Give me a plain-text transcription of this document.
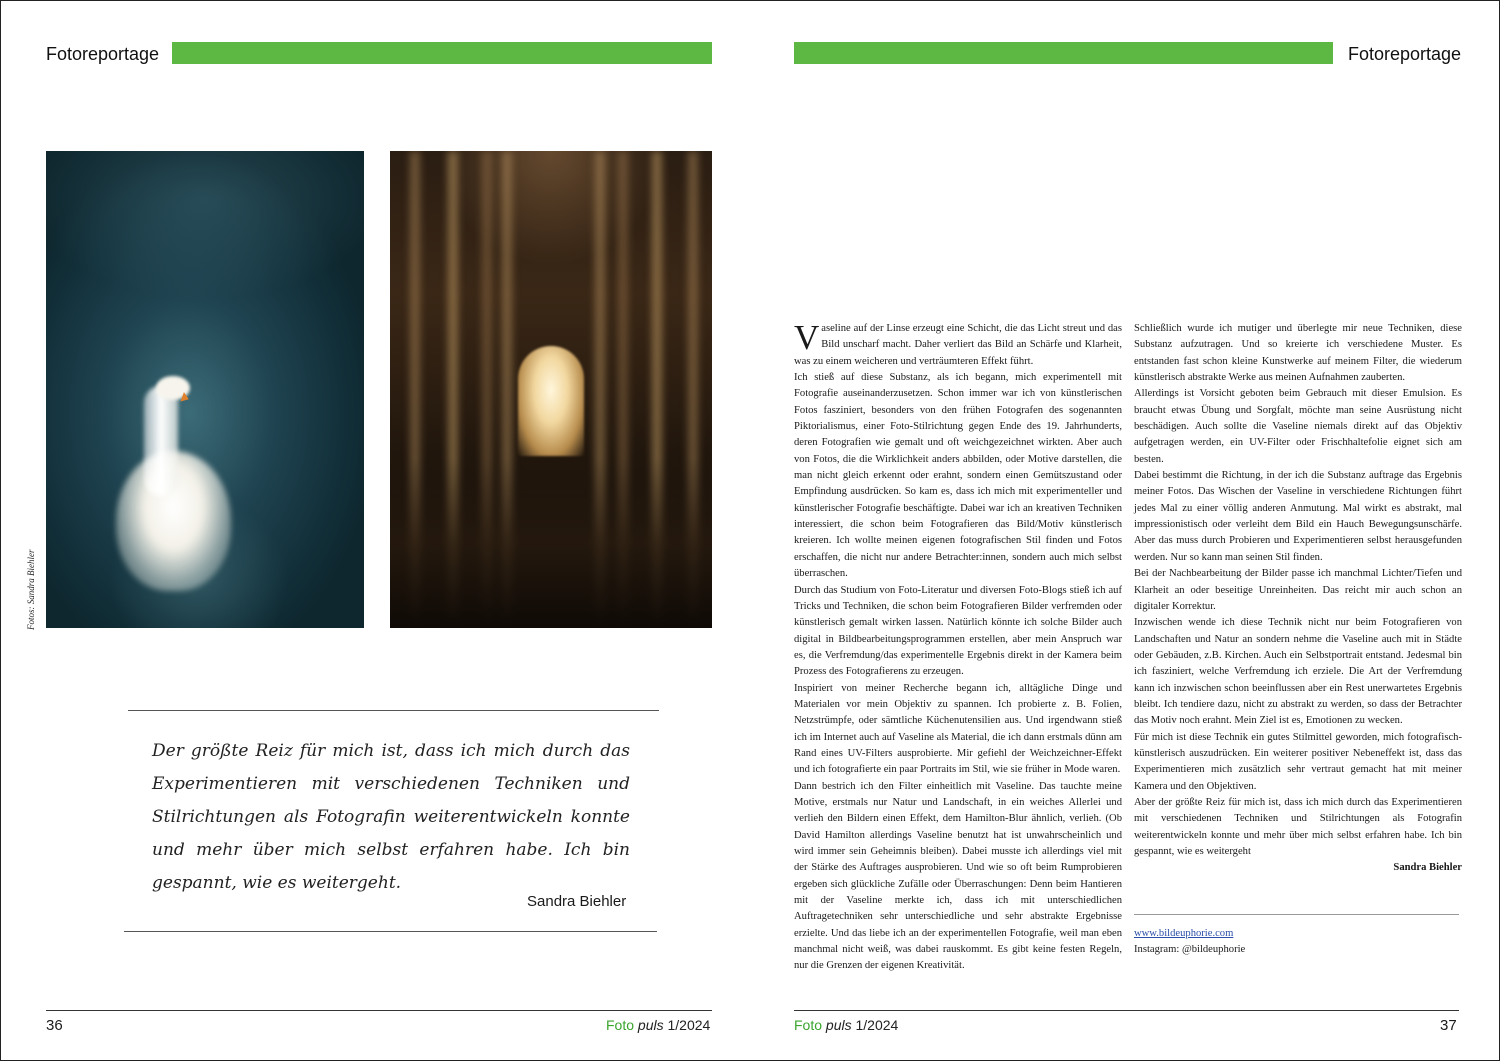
Fotoreportage
Fotos: Sandra Biehler
Der größte Reiz für mich ist, dass ich mich durch das Experimentieren mit verschiedenen Techniken und Stilrichtungen als Fotografin weiterentwickeln konnte und mehr über mich selbst erfahren habe. Ich bin gespannt, wie es weitergeht.
Sandra Biehler
36	Foto puls 1/2024
Fotoreportage

Vaseline auf der Linse erzeugt eine Schicht, die das Licht streut und das Bild unscharf macht. Daher verliert das Bild an Schärfe und Klarheit, was zu einem weicheren und verträumteren Effekt führt.

Ich stieß auf diese Substanz, als ich begann, mich experimentell mit Fotografie auseinanderzusetzen. Schon immer war ich von künstlerischen Fotos fasziniert, besonders von den frühen Fotografen des sogenannten Piktorialismus, einer Foto-Stilrichtung gegen Ende des 19. Jahrhunderts, deren Fotografien wie gemalt und oft weichgezeichnet wirkten. Aber auch von Fotos, die die Wirklichkeit anders abbilden, oder Motive darstellen, die man nicht gleich erkennt oder erahnt, sondern einen Gemütszustand oder Empfindung ausdrücken. So kam es, dass ich mich mit experimenteller und künstlerischer Fotografie beschäftigte. Dabei war ich an kreativen Techniken interessiert, die schon beim Fotografieren das Bild/Motiv künstlerisch kreieren. Ich wollte meinen eigenen fotografischen Stil finden und Fotos erschaffen, die nicht nur andere Betrachter:innen, sondern auch mich selbst überraschen.

Durch das Studium von Foto-Literatur und diversen Foto-Blogs stieß ich auf Tricks und Techniken, die schon beim Fotografieren Bilder verfremden oder künstlerisch gemalt wirken lassen. Natürlich könnte ich solche Bilder auch digital in Bildbearbeitungsprogrammen erstellen, aber mein Anspruch war es, die Verfremdung/das experimentelle Ergebnis direkt in der Kamera beim Prozess des Fotografierens zu erzeugen.

Inspiriert von meiner Recherche begann ich, alltägliche Dinge und Materialen vor mein Objektiv zu spannen. Ich probierte z. B. Folien, Netzstrümpfe, oder sämtliche Küchenutensilien aus. Und irgendwann stieß ich im Internet auch auf Vaseline als Material, die ich dann erstmals dünn am Rand eines UV-Filters ausprobierte. Mir gefiehl der Weichzeichner-Effekt und ich fotografierte ein paar Portraits im Stil, wie sie früher in Mode waren.

Dann bestrich ich den Filter einheitlich mit Vaseline. Das tauchte meine Motive, erstmals nur Natur und Landschaft, in ein weiches Allerlei und verlieh den Bildern einen Effekt, dem Hamilton-Blur ähnlich, verlieh. (Ob David Hamilton allerdings Vaseline benutzt hat ist unwahrscheinlich und wird immer sein Geheimnis bleiben). Dabei musste ich allerdings viel mit der Stärke des Auftrages ausprobieren. Und wie so oft beim Rumprobieren ergeben sich glückliche Zufälle oder Überraschungen: Denn beim Hantieren mit der Vaseline merkte ich, dass ich mit unterschiedlichen Auftragetechniken sehr unterschiedliche und sehr abstrakte Ergebnisse erzielte. Und das liebe ich an der experimentellen Fotografie, weil man eben manchmal nicht weiß, was dabei rauskommt. Es gibt keine festen Regeln, nur die Grenzen der eigenen Kreativität.

Schließlich wurde ich mutiger und überlegte mir neue Techniken, diese Substanz aufzutragen. Und so kreierte ich verschiedene Muster. Es entstanden fast schon kleine Kunstwerke auf meinem Filter, die wiederum künstlerisch abstrakte Werke aus meinen Aufnahmen zauberten.

Allerdings ist Vorsicht geboten beim Gebrauch mit dieser Emulsion. Es braucht etwas Übung und Sorgfalt, möchte man seine Ausrüstung nicht beschädigen. Auch sollte die Vaseline niemals direkt auf das Objektiv aufgetragen werden, ein UV-Filter oder Frischhaltefolie eignet sich am besten.

Dabei bestimmt die Richtung, in der ich die Substanz auftrage das Ergebnis meiner Fotos. Das Wischen der Vaseline in verschiedene Richtungen führt jedes Mal zu einer völlig anderen Anmutung. Mal wirkt es abstrakt, mal impressionistisch oder verleiht dem Bild ein Hauch Bewegungsunschärfe. Aber das muss durch Probieren und Experimentieren selbst herausgefunden werden. Nur so kann man seinen Stil finden.

Bei der Nachbearbeitung der Bilder passe ich manchmal Lichter/Tiefen und Klarheit an oder beseitige Unreinheiten. Das reicht mir auch schon an digitaler Korrektur.

Inzwischen wende ich diese Technik nicht nur beim Fotografieren von Landschaften und Natur an sondern nehme die Vaseline auch mit in Städte oder Gebäuden, z.B. Kirchen. Auch ein Selbstportrait entstand. Jedesmal bin ich fasziniert, welche Verfremdung ich erziele. Die Art der Verfremdung kann ich inzwischen schon beeinflussen aber ein Rest unerwartetes Ergebnis bleibt. Ich tendiere dazu, nicht zu abstrakt zu werden, so dass der Betrachter das Motiv noch erahnt. Mein Ziel ist es, Emotionen zu wecken.

Für mich ist diese Technik ein gutes Stilmittel geworden, mich fotografisch-künstlerisch auszudrücken. Ein weiterer positiver Nebeneffekt ist, dass das Experimentieren mich zusätzlich sehr vertraut gemacht hat mit meiner Kamera und den Objektiven.

Aber der größte Reiz für mich ist, dass ich mich durch das Experimentieren mit verschiedenen Techniken und Stilrichtungen als Fotografin weiterentwickeln konnte und mehr über mich selbst erfahren habe. Ich bin gespannt, wie es weitergeht

Sandra Biehler

www.bildeuphorie.com
Instagram: @bildeuphorie
Foto puls 1/2024	37
